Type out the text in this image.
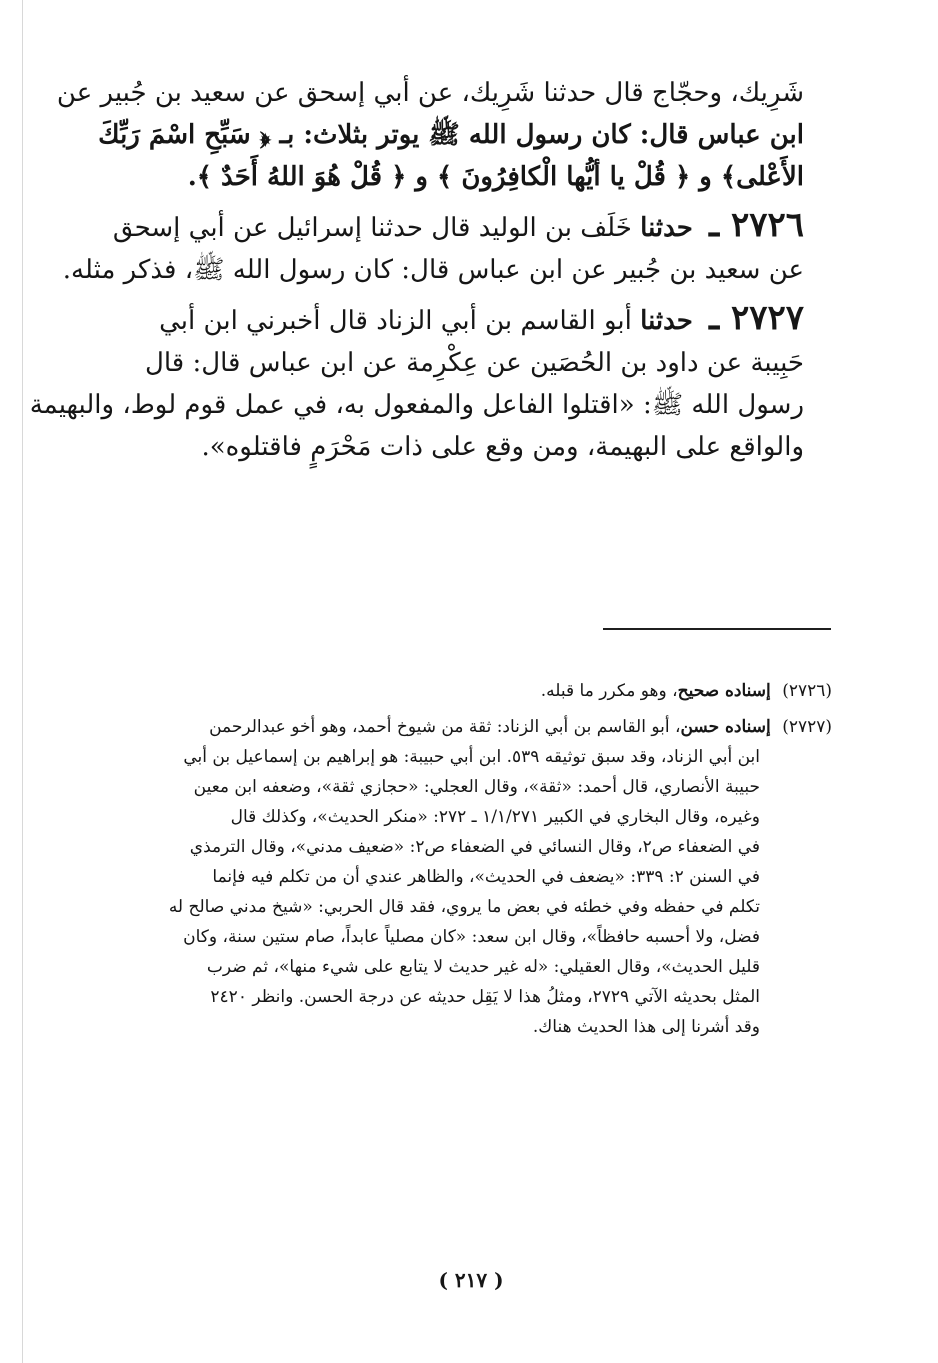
شَرِيك، وحجّاج قال حدثنا شَرِيك، عن أبي إسحق عن سعيد بن جُبير عن
ابن عباس قال: كان رسول الله ﷺ يوتر بثلاث: بـ ﴿ سَبِّحِ اسْمَ رَبِّكَ
الأَعْلى﴾ و ﴿ قُلْ يا أيُّها الْكافِرُونَ ﴾ و ﴿ قُلْ هُوَ اللهُ أَحَدٌ ﴾.

٢٧٢٦ ـ حدثنا خَلَف بن الوليد قال حدثنا إسرائيل عن أبي إسحق
عن سعيد بن جُبير عن ابن عباس قال: كان رسول الله ﷺ، فذكر مثله.

٢٧٢٧ ـ حدثنا أبو القاسم بن أبي الزناد قال أخبرني ابن أبي
حَبِيبة عن داود بن الحُصَين عن عِكْرِمة عن ابن عباس قال: قال
رسول الله ﷺ: «اقتلوا الفاعل والمفعول به، في عمل قوم لوط، والبهيمة
والواقع على البهيمة، ومن وقع على ذات مَحْرَمٍ فاقتلوه».

(٢٧٢٦) إسناده صحيح، وهو مكرر ما قبله.

(٢٧٢٧) إسناده حسن، أبو القاسم بن أبي الزناد: ثقة من شيوخ أحمد، وهو أخو عبدالرحمن
ابن أبي الزناد، وقد سبق توثيقه ٥٣٩. ابن أبي حبيبة: هو إبراهيم بن إسماعيل بن أبي
حبيبة الأنصاري، قال أحمد: «ثقة»، وقال العجلي: «حجازي ثقة»، وضعفه ابن معين
وغيره، وقال البخاري في الكبير ١/١/٢٧١ ـ ٢٧٢: «منكر الحديث»، وكذلك قال
في الضعفاء ص٢، وقال النسائي في الضعفاء ص٢: «ضعيف مدني»، وقال الترمذي
في السنن ٢: ٣٣٩: «يضعف في الحديث»، والظاهر عندي أن من تكلم فيه فإنما
تكلم في حفظه وفي خطئه في بعض ما يروي، فقد قال الحربي: «شيخ مدني صالح له
فضل، ولا أحسبه حافظاً»، وقال ابن سعد: «كان مصلياً عابداً، صام ستين سنة، وكان
قليل الحديث»، وقال العقيلي: «له غير حديث لا يتابع على شيء منها»، ثم ضرب
المثل بحديثه الآتي ٢٧٢٩، ومثلُ هذا لا يَقِل حديثه عن درجة الحسن. وانظر ٢٤٢٠
وقد أشرنا إلى هذا الحديث هناك.

( ٢١٧ )
